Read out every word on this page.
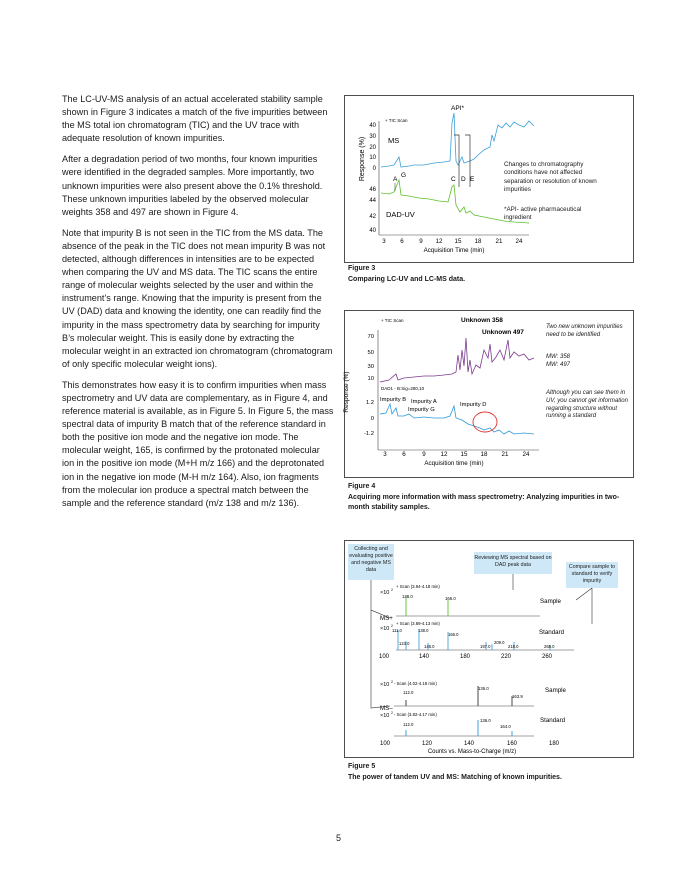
The LC-UV-MS analysis of an actual accelerated stability sample shown in Figure 3 indicates a match of the five impurities between the MS total ion chromatogram (TIC) and the UV trace with adequate resolution of known impurities.

After a degradation period of two months, four known impurities were identified in the degraded samples. More importantly, two unknown impurities were also present above the 0.1% threshold. These unknown impurities labeled by the observed molecular weights 358 and 497 are shown in Figure 4.

Note that impurity B is not seen in the TIC from the MS data. The absence of the peak in the TIC does not mean impurity B was not detected, although differences in intensities are to be expected when comparing the UV and MS data. The TIC scans the entire range of molecular weights selected by the user and within the instrument’s range. Knowing that the impurity is present from the UV (DAD) data and knowing the identity, one can readily find the impurity in the mass spectrometry data by searching for impurity B’s molecular weight. This is easily done by extracting the molecular weight in an extracted ion chromatogram (chromatogram of only specific molecular weight ions).

This demonstrates how easy it is to confirm impurities when mass spectrometry and UV data are complementary, as in Figure 4, and reference material is available, as in Figure 5. In Figure 5, the mass spectral data of impurity B match that of the reference standard in both the positive ion mode and the negative ion mode. The molecular weight, 165, is confirmed by the protonated molecular ion in the positive ion mode (M+H m/z 166) and the deprotonated ion in the negative ion mode (M-H m/z 164). Also, ion fragments from the molecular ion produce a spectral match between the sample and the reference standard (m/z 138 and m/z 136).

Response (%)
+ TIC Scan
MS
DAD-UV
API*
40
30
20
10
0
46
44
42
40
A
G
C D E
3 6	9 12 15 18 21 24
Acquisition Time (min)
Changes to chromatography conditions have not affected separation or resolution of known impurities
*API- active pharmaceutical ingredient
Figure 3
Comparing LC-UV and LC-MS data.
Response (%)
+ TIC Scan
DAD1 - B:Sig=280,10
Unknown 358
Unknown 497
70
50
30
10
1.2
0
-1.2
Impurity B Impurity A
Impurity G
Impurity D
3	6	9 12 15 18 21 24
Acquisition time (min)
Two new unknown impurities need to be identified
MW: 358
MW: 497
Although you can see them in UV, you cannot get information regarding structure without running a standard
Figure 4
Acquiring more information with mass spectrometry: Analyzing impurities in two-month stability samples.
×10 2
+ Scan (3.94-4.18 min)
138.0	166.0	Sample
MS+
×10 2 + Scan (3.89-4.13 min)
111.0	138.0
123.0
148.0
166.0
197.0
209.0
218.0	268.0
Standard
100	140	180	220	260
×10 2 - Scan (4.02-4.18 min)
112.0
136.0
163.9
Sample
MS–
×10 2 - Scan (3.82-4.17 min)
112.0
136.0
164.0
Standard
100	120	140	160	180
Counts vs. Mass-to-Charge (m/z)
Collecting and evaluating positive and negative MS data
Reviewing MS spectral based on DAD peak data	Compare sample to standard to verify impurity
Figure 5
The power of tandem UV and MS: Matching of known impurities.
5
